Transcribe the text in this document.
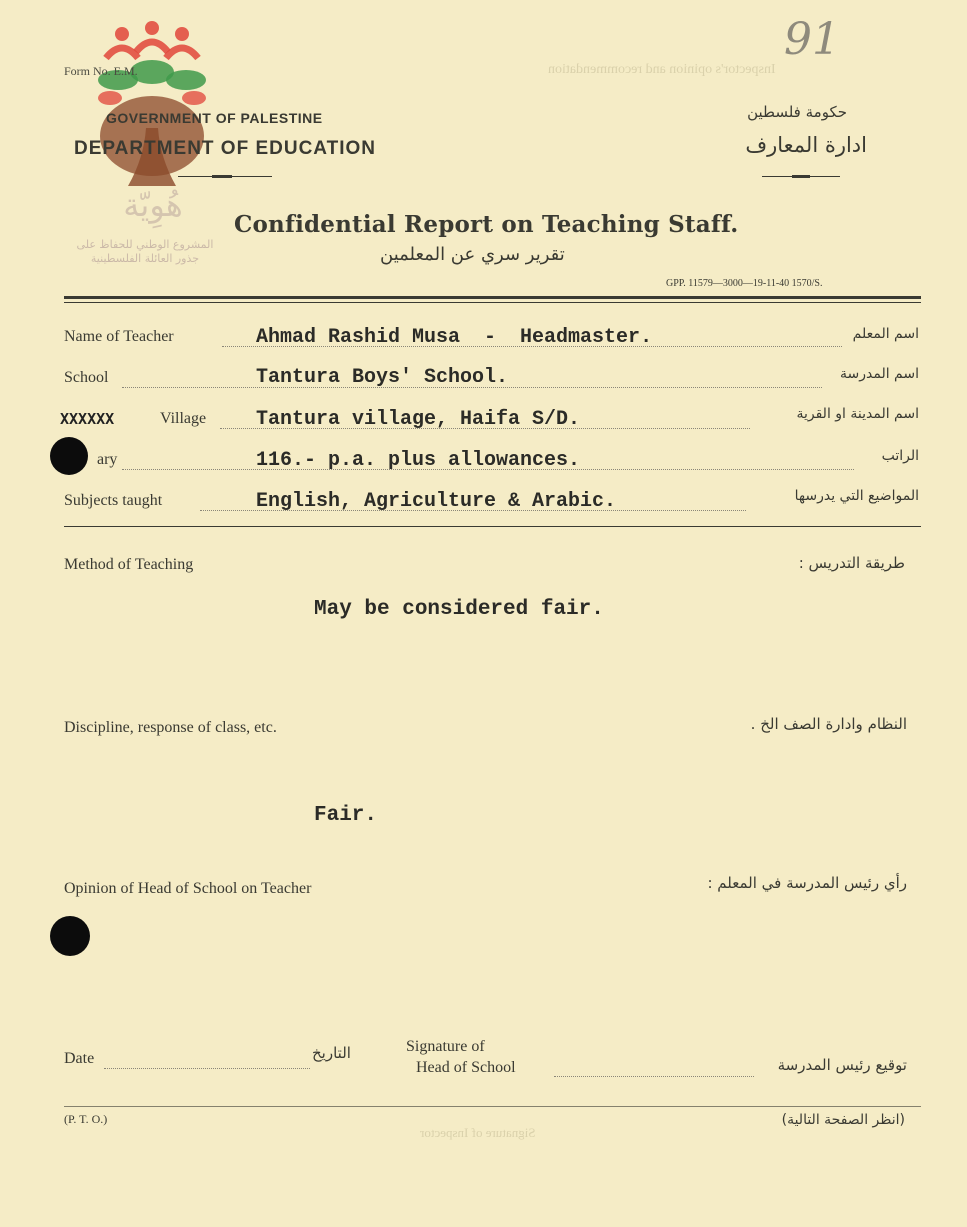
هُوِيّة
المشروع الوطني للحفاظ على
جذور العائلة الفلسطينية
Form No. E.M.
91
Inspector's opinion and recommendation
GOVERNMENT OF PALESTINE
DEPARTMENT OF EDUCATION
حكومة فلسطين
ادارة المعارف
Confidential Report on Teaching Staff.
تقرير سري عن المعلمين
GPP. 11579—3000—19-11-40 1570/S.
Name of Teacher	Ahmad Rashid Musa  -  Headmaster.	اسم المعلم
School	Tantura Boys' School.	اسم المدرسة
XXXXXX	Village Tantura village, Haifa S/D.	اسم المدينة او القرية
ary	116.- p.a. plus allowances.	الراتب
Subjects taught	English, Agriculture & Arabic.	المواضيع التي يدرسها
Method of Teaching	طريقة التدريس :
May be considered fair.
Discipline, response of class, etc.	النظام وادارة الصف الخ .
Fair.
Opinion of Head of School on Teacher	رأي رئيس المدرسة في المعلم :
Date	التاريخ	Signature of
Head of School	توقيع رئيس المدرسة
(P. T. O.)	(انظر الصفحة التالية)
Signature of Inspector
